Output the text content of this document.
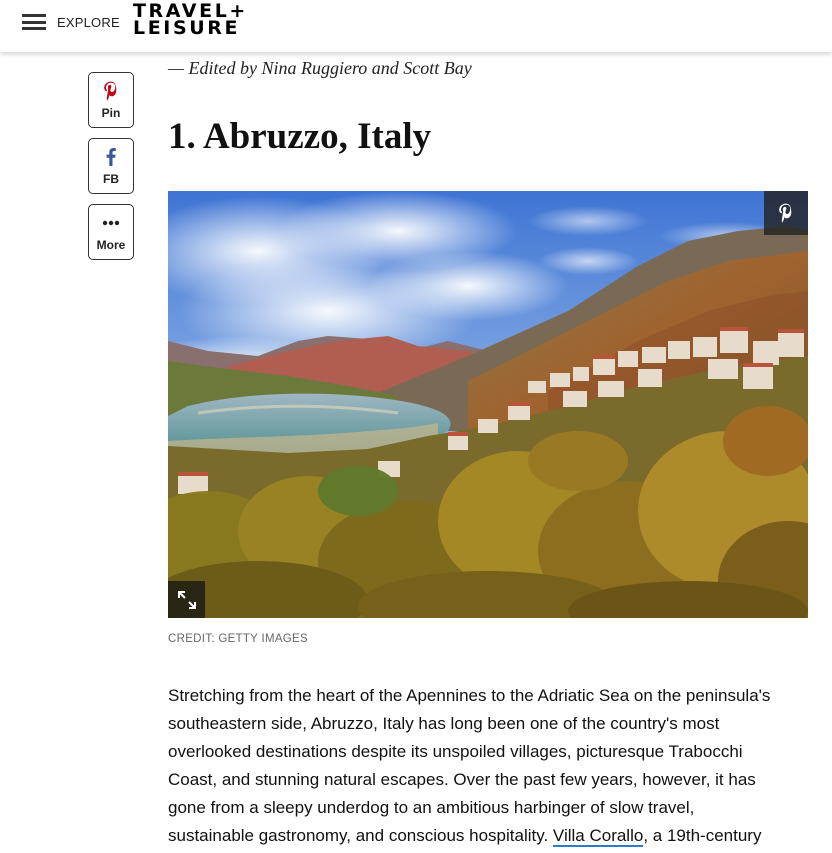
EXPLORE
TRAVEL+
LEISURE
Pin
FB
More
— Edited by Nina Ruggiero and Scott Bay
1. Abruzzo, Italy
CREDIT: GETTY IMAGES

Stretching from the heart of the Apennines to the Adriatic Sea on the peninsula's
southeastern side, Abruzzo, Italy has long been one of the country's most
overlooked destinations despite its unspoiled villages, picturesque Trabocchi
Coast, and stunning natural escapes. Over the past few years, however, it has
gone from a sleepy underdog to an ambitious harbinger of slow travel,
sustainable gastronomy, and conscious hospitality. Villa Corallo, a 19th-century
